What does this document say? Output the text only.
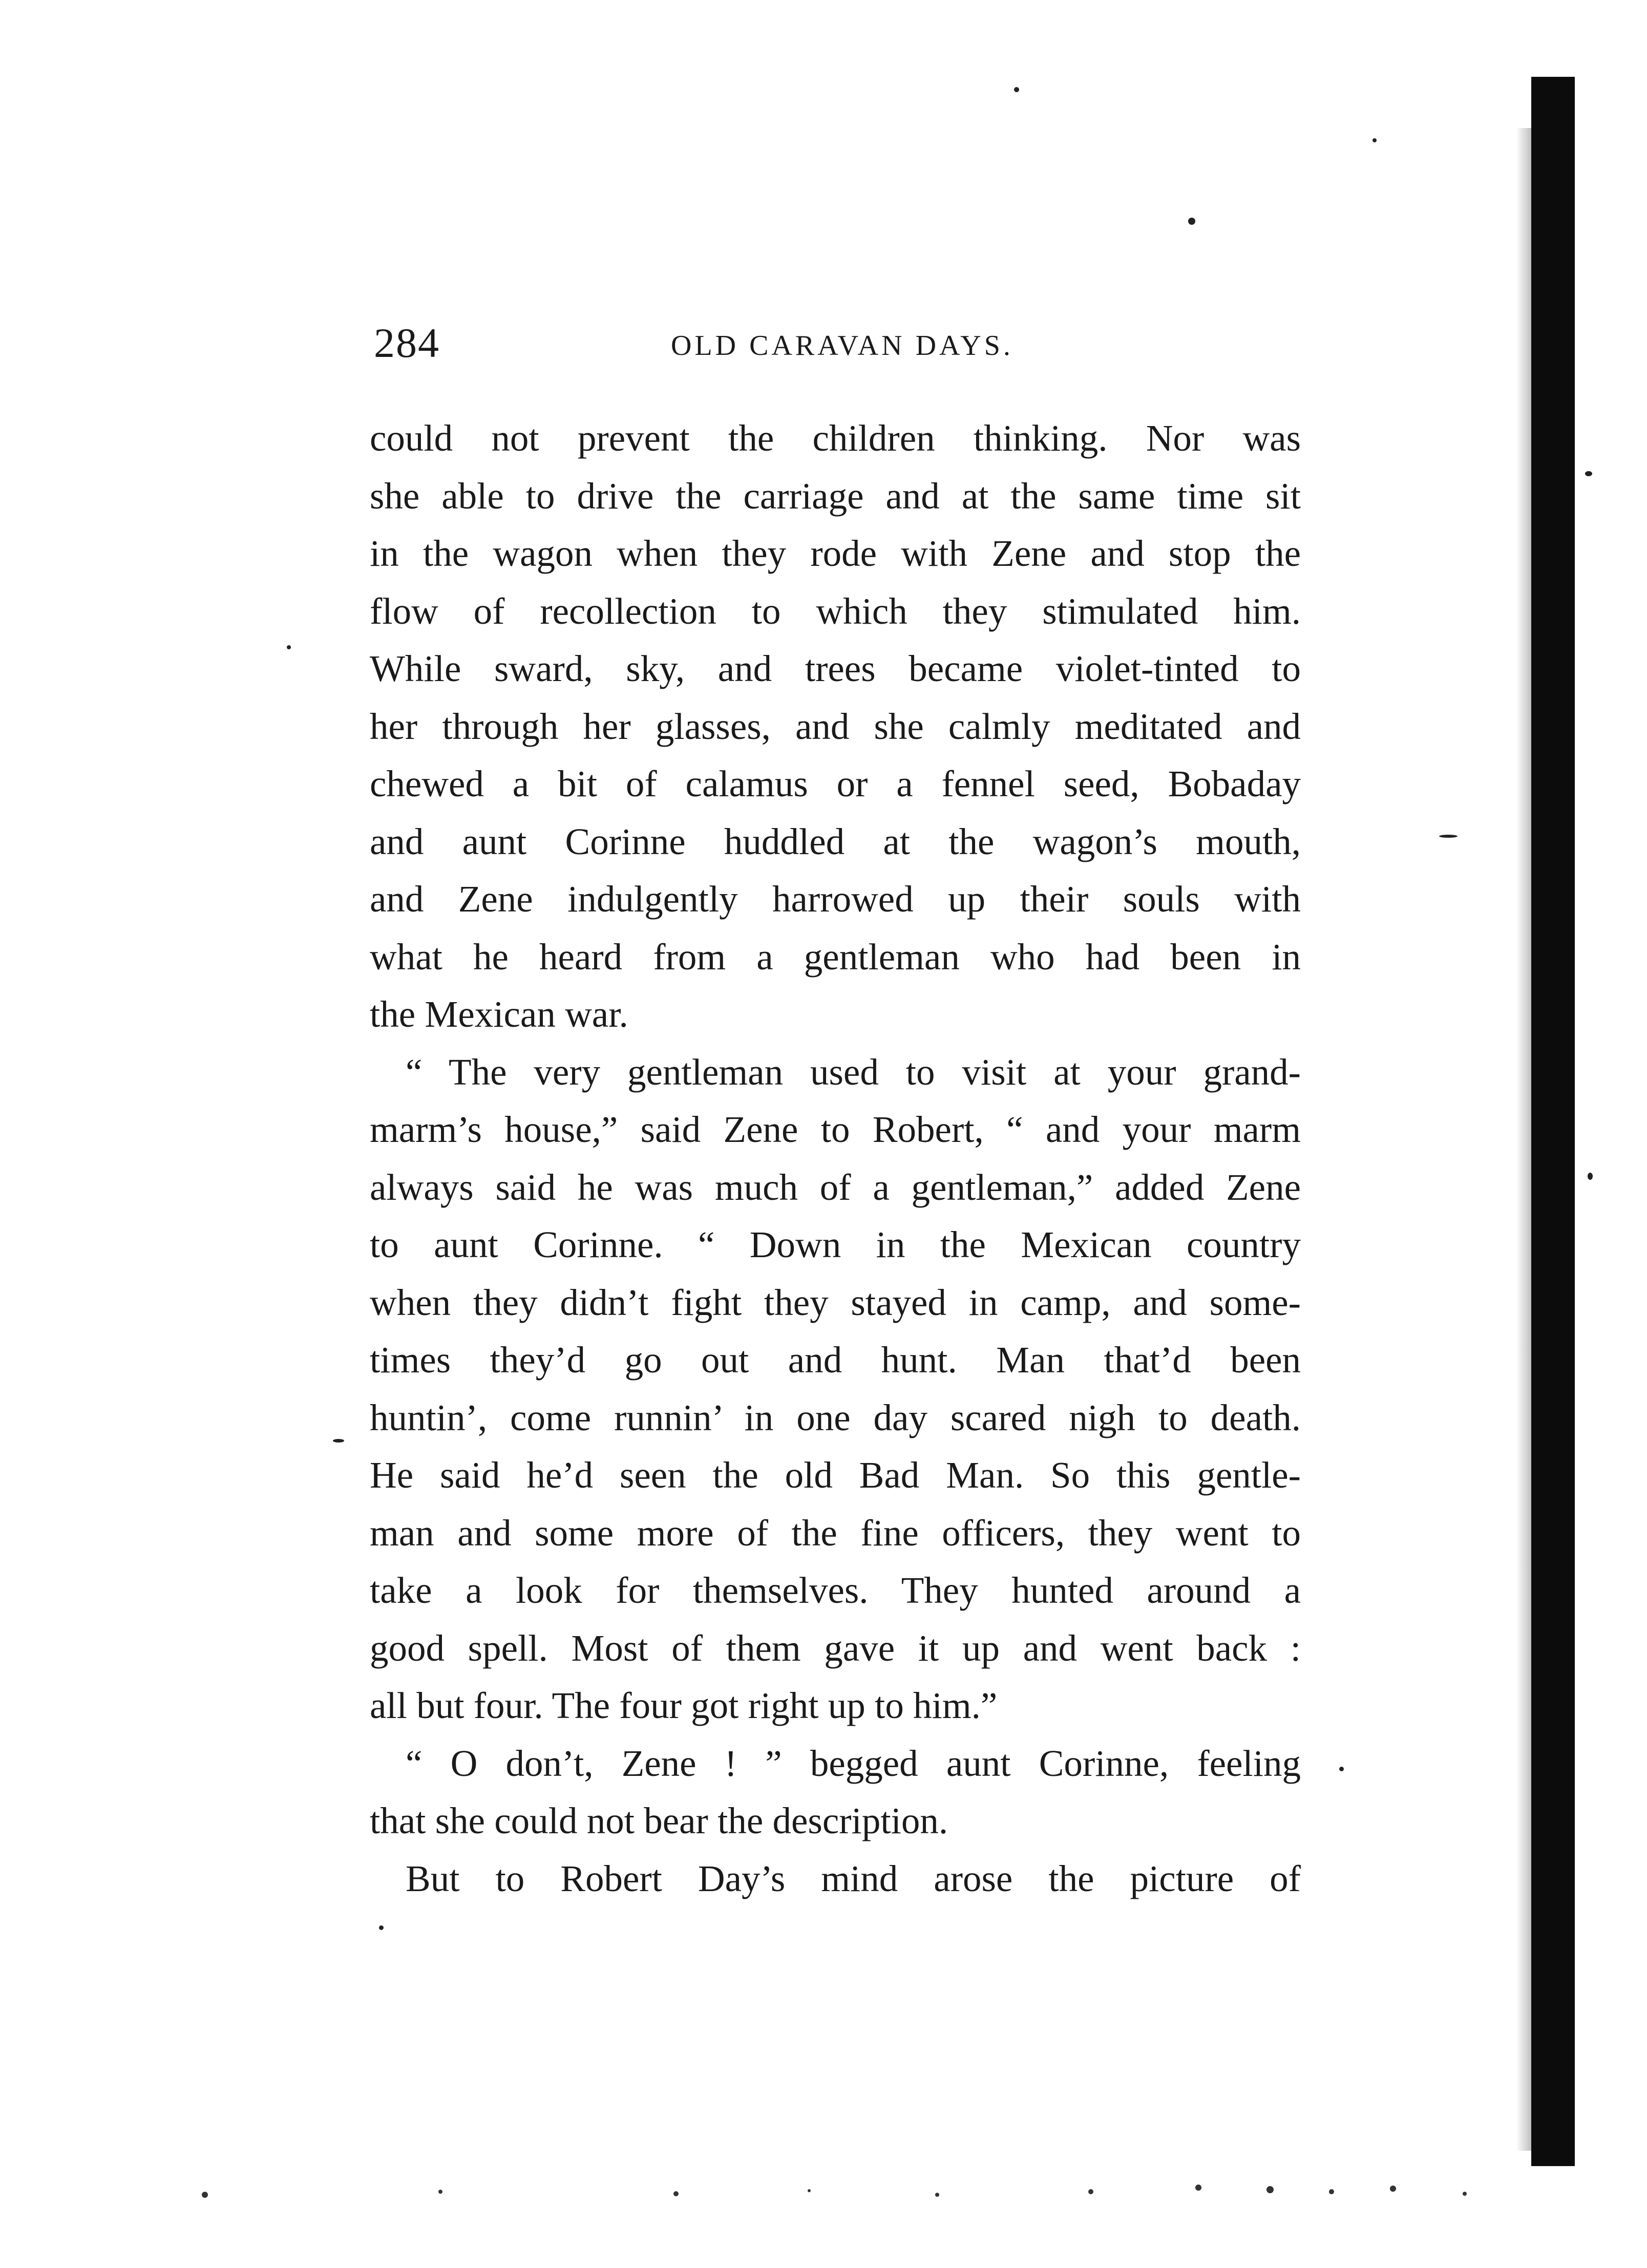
284	OLD CARAVAN DAYS.
could not prevent the children thinking. Nor was
she able to drive the carriage and at the same time sit
in the wagon when they rode with Zene and stop the
flow of recollection to which they stimulated him.
While sward, sky, and trees became violet-tinted to
her through her glasses, and she calmly meditated and
chewed a bit of calamus or a fennel seed, Bobaday
and aunt Corinne huddled at the wagon’s mouth,
and Zene indulgently harrowed up their souls with
what he heard from a gentleman who had been in
the Mexican war.
“ The very gentleman used to visit at your grand-
marm’s house,” said Zene to Robert, “ and your marm
always said he was much of a gentleman,” added Zene
to aunt Corinne. “ Down in the Mexican country
when they didn’t fight they stayed in camp, and some-
times they’d go out and hunt. Man that’d been
huntin’, come runnin’ in one day scared nigh to death.
He said he’d seen the old Bad Man. So this gentle-
man and some more of the fine officers, they went to
take a look for themselves. They hunted around a
good spell. Most of them gave it up and went back :
all but four. The four got right up to him.”
“ O don’t, Zene ! ” begged aunt Corinne, feeling
that she could not bear the description.
But to Robert Day’s mind arose the picture of
